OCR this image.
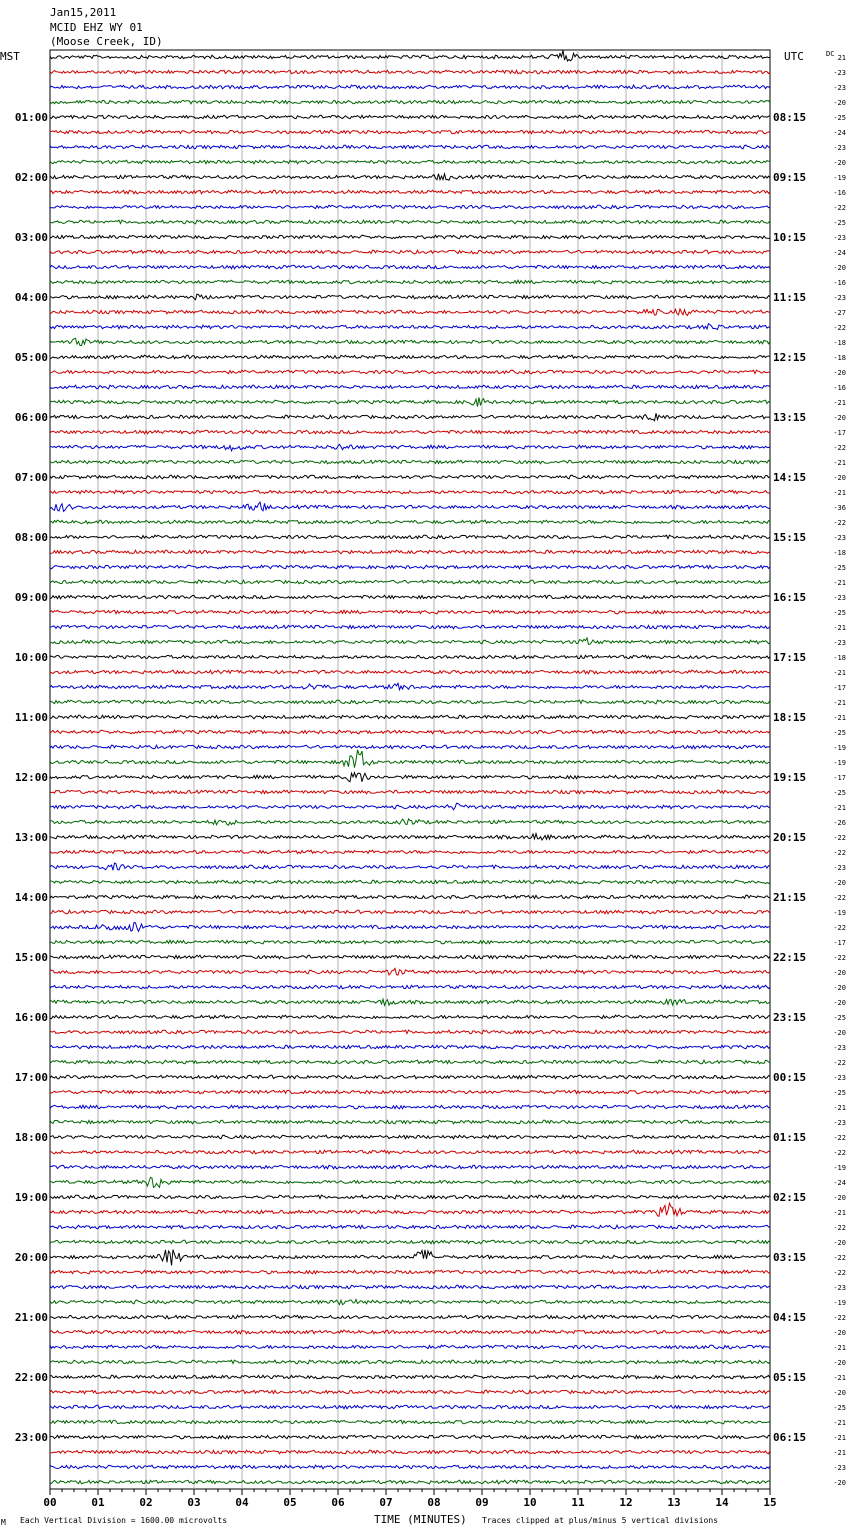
Jan15,2011
MCID EHZ WY 01
(Moose Creek, ID)
MST	UTC	DC
00	01	02	03	04	05	06	07	08	09	10	11	12	13	14	15
21
-23
-23
-20
-25
01:00	08:15
-24
-23
-20
-19
02:00	09:15
-16
-22
-25
-23
03:00	10:15
-24
-20
-16
-23
04:00	11:15
-27
-22
-18
-18
05:00	12:15
-20
-16
-21
-20
06:00	13:15
-17
-22
-21
-20
07:00	14:15
-21
-36
-22
-23
08:00	15:15
-18
-25
-21
-23
09:00	16:15
-25
-21
-23
-18
10:00	17:15
-21
-17
-21
-21
11:00	18:15
-25
-19
-19
-17
12:00	19:15
-25
-21
-26
-22
13:00	20:15
-22
-23
-20
-22
14:00	21:15
-19
-22
-17
-22
15:00	22:15
-20
-20
-20
-25
16:00	23:15
-20
-23
-22
-23
17:00	00:15
-25
-21
-23
-22
18:00	01:15
-22
-19
-24
-20
19:00	02:15
-21
-22
-20
-22
20:00	03:15
-22
-23
-19
-22
21:00	04:15
-20
-21
-20
-21
22:00	05:15
-20
-25
-21
-21
23:00	06:15
-21
-23
-20
M Each Vertical Division = 1600.00 microvolts	TIME (MINUTES) Traces clipped at plus/minus 5 vertical divisions
